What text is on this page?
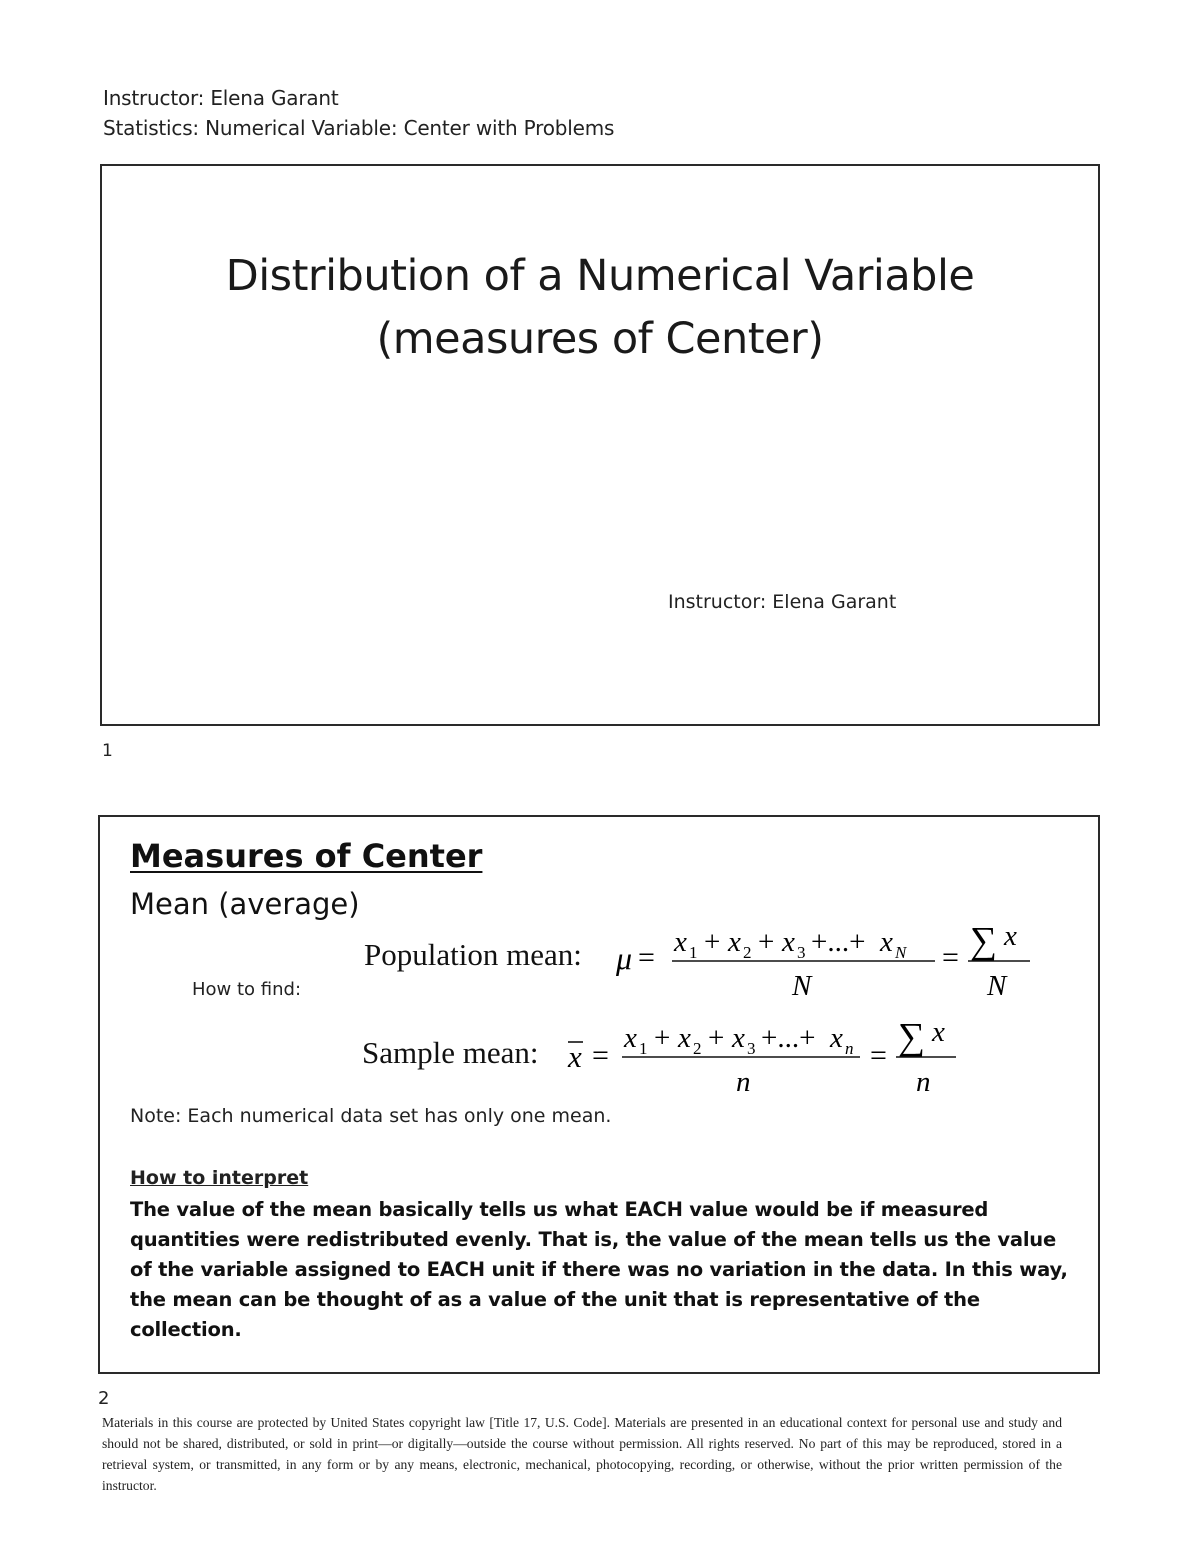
Instructor: Elena Garant
Statistics: Numerical Variable: Center with Problems
Distribution of a Numerical Variable
(measures of Center)
Instructor: Elena Garant
1
Measures of Center
Mean (average)
How to find:
Population mean: μ = x 1 + x 2 + x 3 +...+ x N
N
= ∑ x
N
Sample mean: x =
x 1 + x 2 + x 3 +...+ x n
n
= ∑ x
n
Note: Each numerical data set has only one mean.
How to interpret
The value of the mean basically tells us what EACH value would be if measured quantities were redistributed evenly. That is, the value of the mean tells us the value of the variable assigned to EACH unit if there was no variation in the data. In this way, the mean can be thought of as a value of the unit that is representative of the collection.
2
Materials in this course are protected by United States copyright law [Title 17, U.S. Code]. Materials are presented in an educational context for personal use and study and should not be shared, distributed, or sold in print—or digitally—outside the course without permission. All rights reserved. No part of this may be reproduced, stored in a retrieval system, or transmitted, in any form or by any means, electronic, mechanical, photocopying, recording, or otherwise, without the prior written permission of the instructor.
